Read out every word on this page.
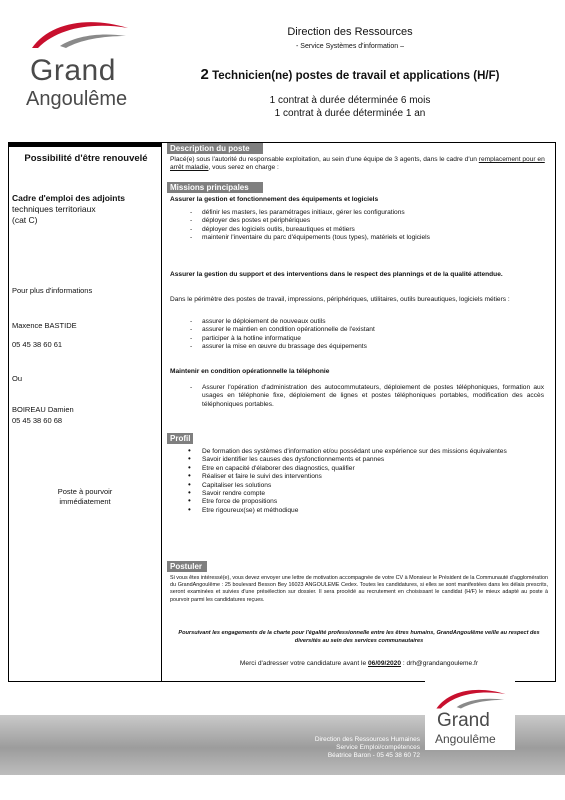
Grand
Angoulême
Direction des Ressources
- Service Systèmes d'information –
2 Technicien(ne) postes de travail et applications (H/F)
1 contrat à durée déterminée 6 mois
1 contrat à durée déterminée 1 an
Possibilité d'être renouvelé
Cadre d'emploi des adjoints
techniques territoriaux
(cat C)
Pour plus d'informations
Maxence BASTIDE
05 45 38 60 61
Ou
BOIREAU Damien
05 45 38 60 68
Poste à pourvoir immédiatement
Description du poste
Placé(e) sous l'autorité du responsable exploitation, au sein d'une équipe de 3 agents, dans le cadre d'un remplacement pour en arrêt maladie, vous serez en charge :
Missions principales
Assurer la gestion et fonctionnement des équipements et logiciels
- définir les masters, les paramétrages initiaux, gérer les configurations
- déployer des postes et périphériques
- déployer des logiciels outils, bureautiques et métiers
- maintenir l'inventaire du parc d'équipements (tous types), matériels et logiciels
Assurer la gestion du support et des interventions dans le respect des plannings et de la qualité attendue.
Dans le périmètre des postes de travail, impressions, périphériques, utilitaires, outils bureautiques, logiciels métiers :
- assurer le déploiement de nouveaux outils
- assurer le maintien en condition opérationnelle de l'existant
- participer à la hotline informatique
- assurer la mise en œuvre du brassage des équipements
Maintenir en condition opérationnelle la téléphonie
- Assurer l'opération d'administration des autocommutateurs, déploiement de postes téléphoniques, formation aux usages en téléphonie fixe, déploiement de lignes et postes téléphoniques portables, modification des accès téléphoniques portables.
Profil
• De formation des systèmes d'information et/ou possédant une expérience sur des missions équivalentes
• Savoir identifier les causes des dysfonctionnements et pannes
• Etre en capacité d'élaborer des diagnostics, qualifier
• Réaliser et faire le suivi des interventions
• Capitaliser les solutions
• Savoir rendre compte
• Etre force de propositions
• Etre rigoureux(se) et méthodique
Postuler
Si vous êtes intéressé(e), vous devez envoyer une lettre de motivation accompagnée de votre CV à Monsieur le Président de la Communauté d'agglomération du GrandAngoulême : 25 boulevard Besson Bey 16023 ANGOULEME Cedex. Toutes les candidatures, si elles se sont manifestées dans les délais prescrits, seront examinées et suivies d'une présélection sur dossier. Il sera procédé au recrutement en choisissant le candidat (H/F) le mieux adapté au poste à pourvoir parmi les candidatures reçues.
Poursuivant les engagements de la charte pour l'égalité professionnelle entre les êtres humains, GrandAngoulême veille au respect des diversités au sein des services communautaires
Merci d'adresser votre candidature avant le 06/09/2020 : drh@grandangouleme.fr
Direction des Ressources Humaines
Service Emploi/compétences
Béatrice Baron - 05 45 38 60 72
Grand
Angoulême
